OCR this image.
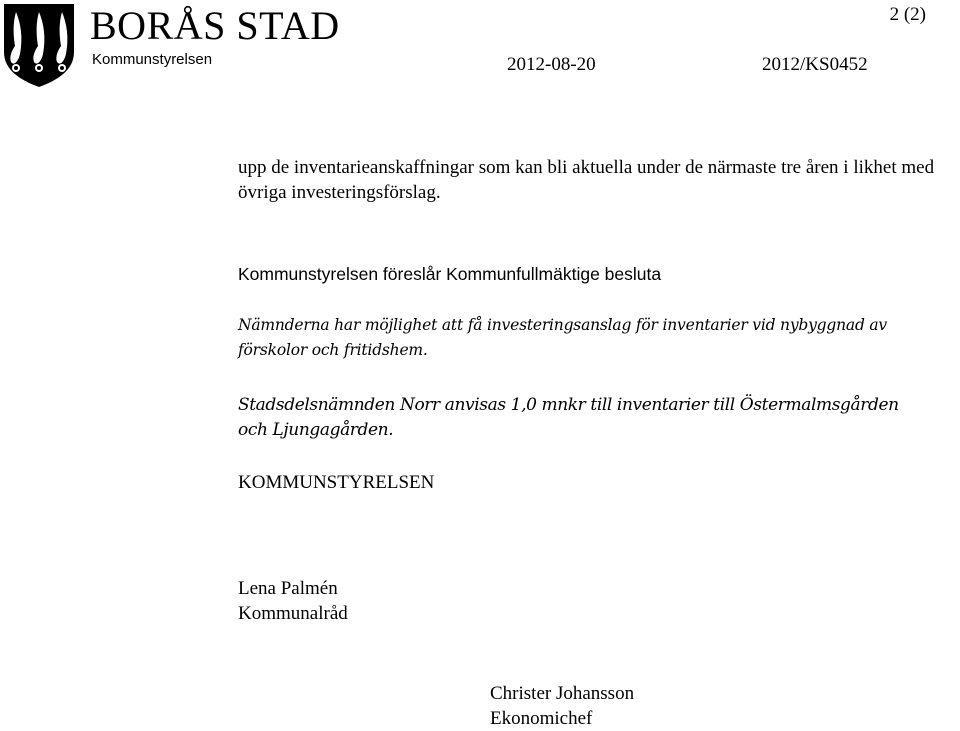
BORÅS STAD
Kommunstyrelsen
2 (2)
2012-08-20	2012/KS0452

upp de inventarieanskaffningar som kan bli aktuella under de närmaste tre åren i likhet med övriga investeringsförslag.

Kommunstyrelsen föreslår Kommunfullmäktige besluta

Nämnderna har möjlighet att få investeringsanslag för inventarier vid nybyggnad av förskolor och fritidshem.

Stadsdelsnämnden Norr anvisas 1,0 mnkr till inventarier till Östermalmsgården och Ljungagården.

KOMMUNSTYRELSEN

Lena Palmén

Kommunalråd

Christer Johansson

Ekonomichef
